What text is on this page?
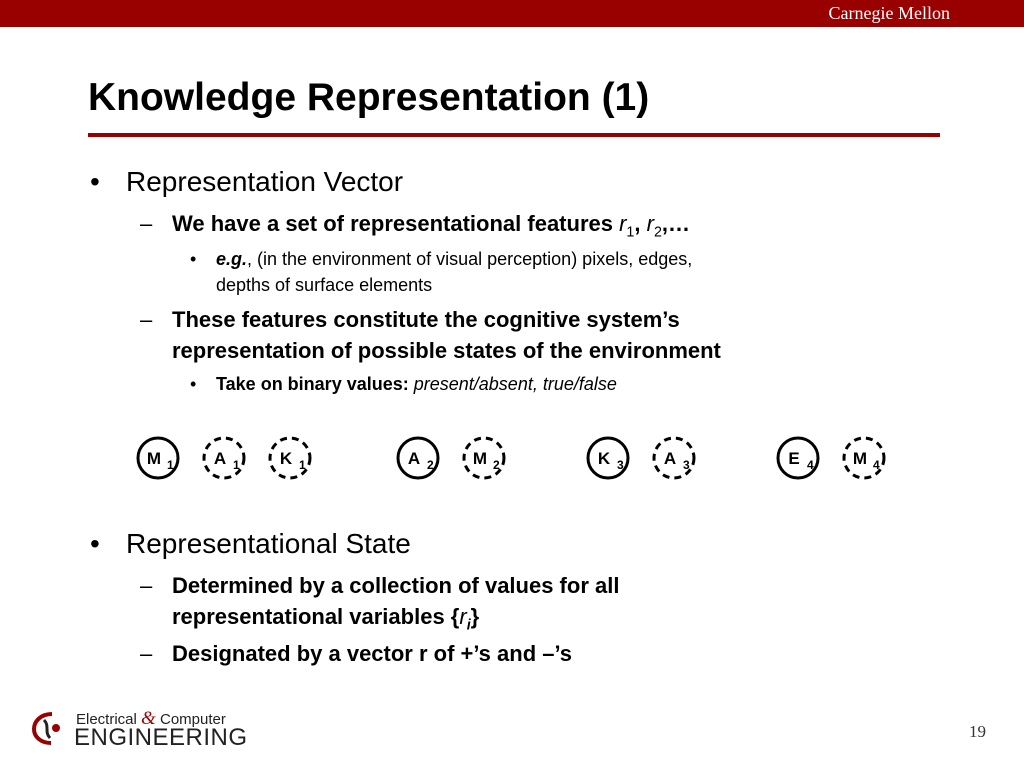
Carnegie Mellon
Knowledge Representation (1)
• Representation Vector
– We have a set of representational features $r_1$, $r_2,\dots$
• e.g., (in the environment of visual perception) pixels, edges,
depths of surface elements
– These features constitute the cognitive system’s
representation of possible states of the environment
• Take on binary values: present/absent, true/false
M 1 A 1 K 1	A 2 M 2	K 3 A 3	E 4 M 4
• Representational State
– Determined by a collection of values for all
representational variables $\{r_i\}$
– Designated by a vector r of +’s and –’s
Electrical & Computer
ENGINEERING	19
